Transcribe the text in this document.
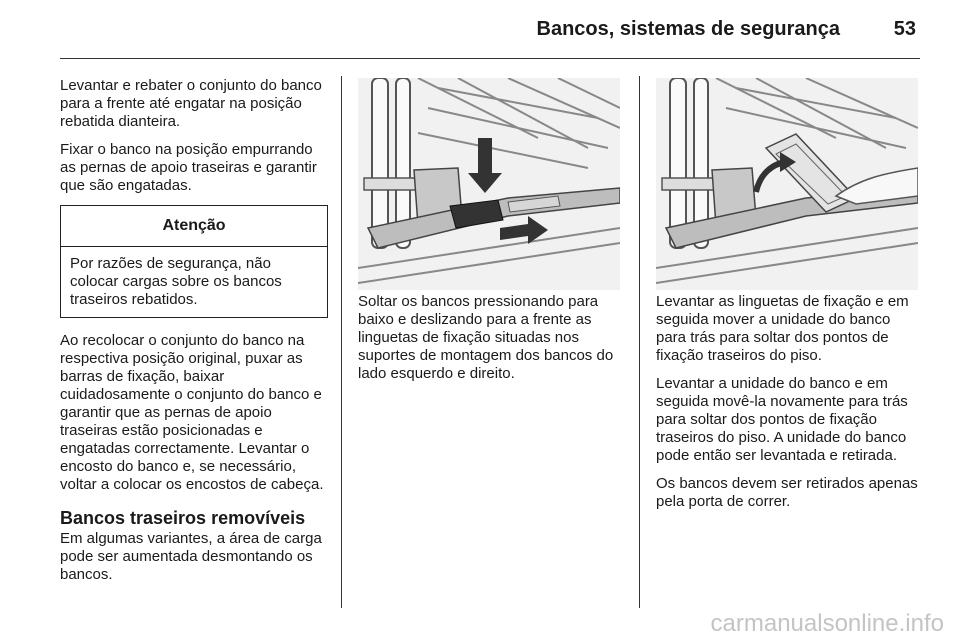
Bancos, sistemas de segurança	53

Levantar e rebater o conjunto do banco para a frente até engatar na posição rebatida dianteira.

Fixar o banco na posição empurrando as pernas de apoio traseiras e garantir que são engatadas.

Atenção
Por razões de segurança, não colocar cargas sobre os bancos traseiros rebatidos.

Ao recolocar o conjunto do banco na respectiva posição original, puxar as barras de fixação, baixar cuidadosamente o conjunto do banco e garantir que as pernas de apoio traseiras estão posicionadas e engatadas correctamente. Levantar o encosto do banco e, se necessário, voltar a colocar os encostos de cabeça.

Bancos traseiros removíveis

Em algumas variantes, a área de carga pode ser aumentada desmontando os bancos.

Soltar os bancos pressionando para baixo e deslizando para a frente as linguetas de fixação situadas nos suportes de montagem dos bancos do lado esquerdo e direito.

Levantar as linguetas de fixação e em seguida mover a unidade do banco para trás para soltar dos pontos de fixação traseiros do piso.

Levantar a unidade do banco e em seguida movê-la novamente para trás para soltar dos pontos de fixação traseiros do piso. A unidade do banco pode então ser levantada e retirada.

Os bancos devem ser retirados apenas pela porta de correr.

carmanualsonline.info
